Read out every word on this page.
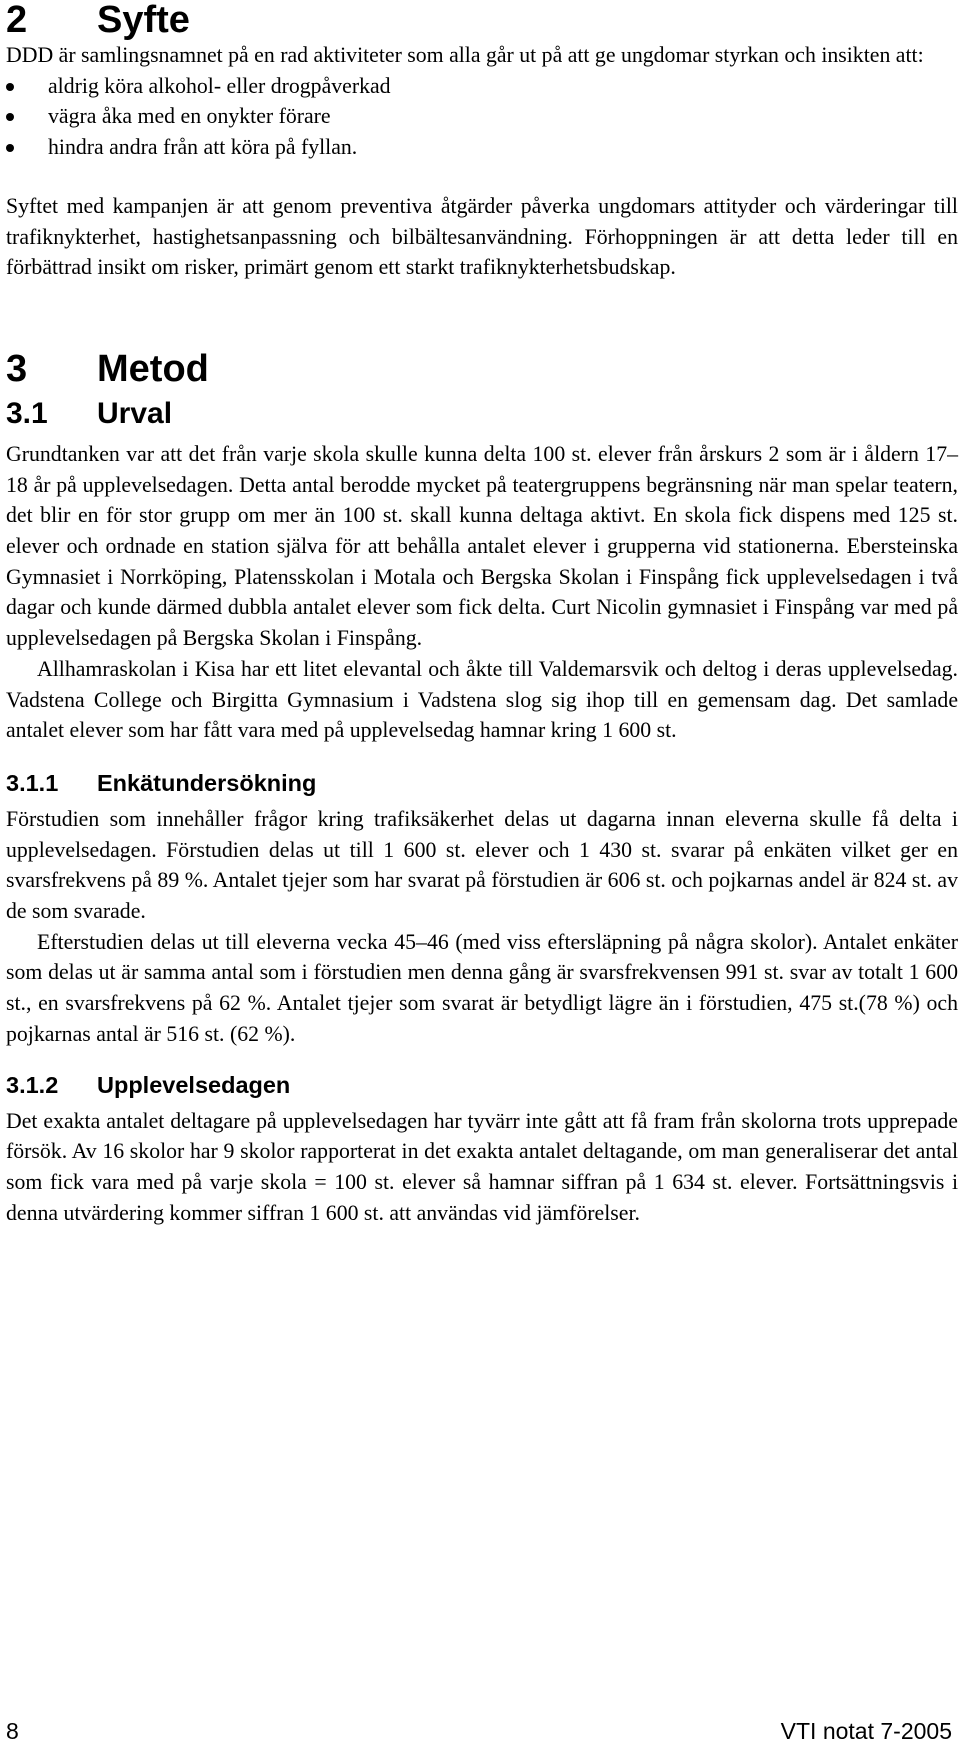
2	Syfte

DDD är samlingsnamnet på en rad aktiviteter som alla går ut på att ge ungdomar styrkan och insikten att:

aldrig köra alkohol- eller drogpåverkad
vägra åka med en onykter förare
hindra andra från att köra på fyllan.

Syftet med kampanjen är att genom preventiva åtgärder påverka ungdomars attityder och värderingar till trafiknykterhet, hastighetsanpassning och bilbältesanvändning. Förhoppningen är att detta leder till en förbättrad insikt om risker, primärt genom ett starkt trafiknykterhetsbudskap.

3	Metod
3.1	Urval

Grundtanken var att det från varje skola skulle kunna delta 100 st. elever från årskurs 2 som är i åldern 17–18 år på upplevelsedagen. Detta antal berodde mycket på teatergruppens begränsning när man spelar teatern, det blir en för stor grupp om mer än 100 st. skall kunna deltaga aktivt. En skola fick dispens med 125 st. elever och ordnade en station själva för att behålla antalet elever i grupperna vid stationerna. Ebersteinska Gymnasiet i Norrköping, Platensskolan i Motala och Bergska Skolan i Finspång fick upplevelsedagen i två dagar och kunde därmed dubbla antalet elever som fick delta. Curt Nicolin gymnasiet i Finspång var med på upplevelsedagen på Bergska Skolan i Finspång.

Allhamraskolan i Kisa har ett litet elevantal och åkte till Valdemarsvik och deltog i deras upplevelsedag. Vadstena College och Birgitta Gymnasium i Vadstena slog sig ihop till en gemensam dag. Det samlade antalet elever som har fått vara med på upplevelsedag hamnar kring 1 600 st.

3.1.1	Enkätundersökning

Förstudien som innehåller frågor kring trafiksäkerhet delas ut dagarna innan eleverna skulle få delta i upplevelsedagen. Förstudien delas ut till 1 600 st. elever och 1 430 st. svarar på enkäten vilket ger en svarsfrekvens på 89 %. Antalet tjejer som har svarat på förstudien är 606 st. och pojkarnas andel är 824 st. av de som svarade.

Efterstudien delas ut till eleverna vecka 45–46 (med viss eftersläpning på några skolor). Antalet enkäter som delas ut är samma antal som i förstudien men denna gång är svarsfrekvensen 991 st. svar av totalt 1 600 st., en svarsfrekvens på 62 %. Antalet tjejer som svarat är betydligt lägre än i förstudien, 475 st.(78 %) och pojkarnas antal är 516 st. (62 %).

3.1.2	Upplevelsedagen

Det exakta antalet deltagare på upplevelsedagen har tyvärr inte gått att få fram från skolorna trots upprepade försök. Av 16 skolor har 9 skolor rapporterat in det exakta antalet deltagande, om man generaliserar det antal som fick vara med på varje skola = 100 st. elever så hamnar siffran på 1 634 st. elever. Fortsättningsvis i denna utvärdering kommer siffran 1 600 st. att användas vid jämförelser.

8	VTI notat 7-2005
